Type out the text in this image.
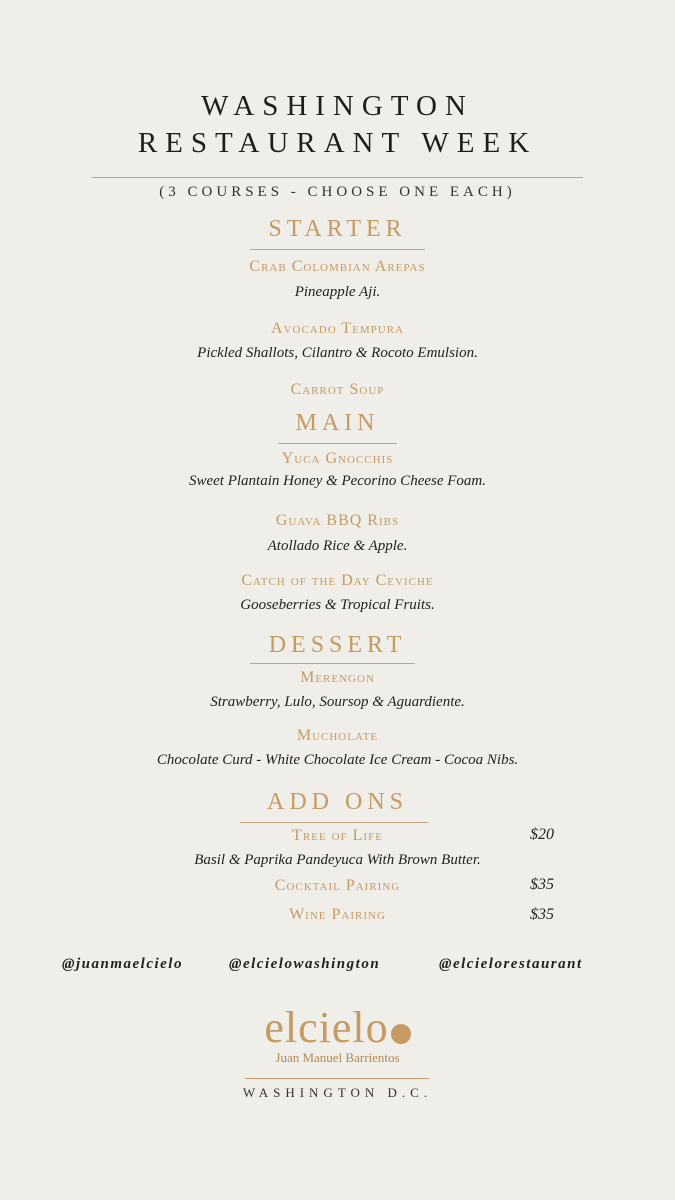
WASHINGTON
RESTAURANT WEEK
(3 COURSES - CHOOSE ONE EACH)
STARTER
Crab Colombian Arepas
Pineapple Aji.
Avocado Tempura
Pickled Shallots, Cilantro & Rocoto Emulsion.
Carrot Soup
MAIN
Yuca Gnocchis
Sweet Plantain Honey & Pecorino Cheese Foam.
Guava BBQ Ribs
Atollado Rice & Apple.
Catch of the Day Ceviche
Gooseberries & Tropical Fruits.
DESSERT
Merengon
Strawberry, Lulo, Soursop & Aguardiente.
Mucholate
Chocolate Curd - White Chocolate Ice Cream - Cocoa Nibs.
ADD ONS
Tree of Life	$20
Basil & Paprika Pandeyuca With Brown Butter.
Cocktail Pairing	$35
Wine Pairing	$35
@juanmaelcielo	@elcielowashington	@elcielorestaurant
elcielo
Juan Manuel Barrientos
WASHINGTON D.C.
